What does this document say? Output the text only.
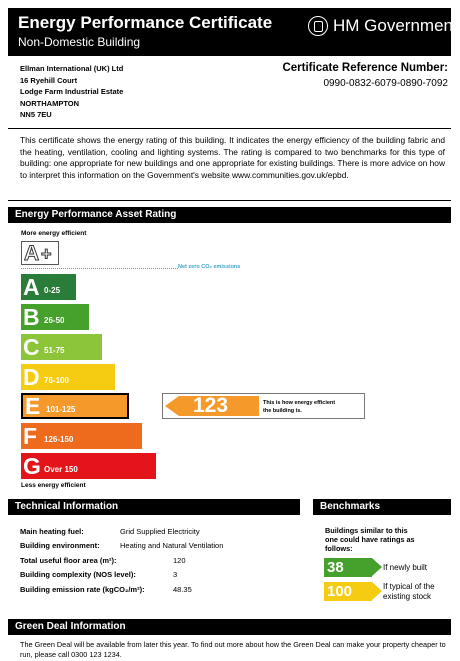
Energy Performance Certificate
Non-Domestic Building
HM Government
Ellman International (UK) Ltd
16 Ryehill Court
Lodge Farm Industrial Estate
NORTHAMPTON
NN5 7EU
Certificate Reference Number:
0990-0832-6079-0890-7092
This certificate shows the energy rating of this building. It indicates the energy efficiency of the building fabric and the heating, ventilation, cooling and lighting systems. The rating is compared to two benchmarks for this type of building: one appropriate for new buildings and one appropriate for existing buildings. There is more advice on how to interpret this information on the Government's website www.communities.gov.uk/epbd.
Energy Performance Asset Rating
More energy efficient
A +
Net zero CO₂ emissions
A 0-25
B 26-50
C 51-75
D 76-100
E 101-125
F 126-150
G Over 150
Less energy efficient
123	This is how energy efficient
the building is.
Technical Information
Main heating fuel:	Grid Supplied Electricity
Building environment:	Heating and Natural Ventilation
Total useful floor area (m²):	120
Building complexity (NOS level):	3
Building emission rate (kgCO₂/m²):	48.35
Benchmarks
Buildings similar to this
one could have ratings as
follows:
38	If newly built
100	If typical of the
existing stock
Green Deal Information
The Green Deal will be available from later this year. To find out more about how the Green Deal can make your property cheaper to run, please call 0300 123 1234.
